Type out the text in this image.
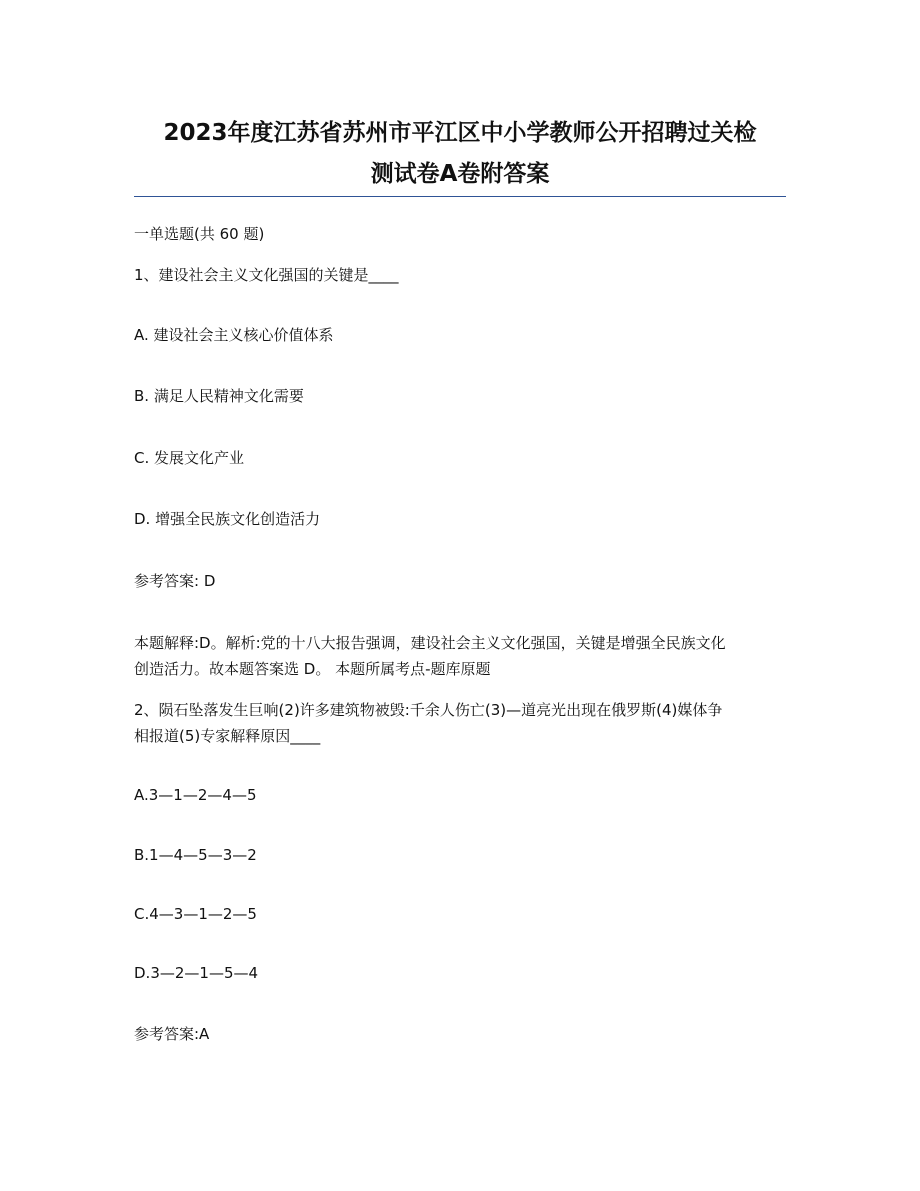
2023年度江苏省苏州市平江区中小学教师公开招聘过关检
测试卷A卷附答案
一单选题(共 60 题)
1、建设社会主义文化强国的关键是____
A. 建设社会主义核心价值体系
B. 满足人民精神文化需要
C. 发展文化产业
D. 增强全民族文化创造活力
参考答案: D
本题解释:D。解析:党的十八大报告强调，建设社会主义文化强国，关键是增强全民族文化
创造活力。故本题答案选 D。 本题所属考点-题库原题
2、陨石坠落发生巨响(2)许多建筑物被毁:千余人伤亡(3)—道亮光出现在俄罗斯(4)媒体争
相报道(5)专家解释原因____
A.3—1—2—4—5
B.1—4—5—3—2
C.4—3—1—2—5
D.3—2—1—5—4
参考答案:A
